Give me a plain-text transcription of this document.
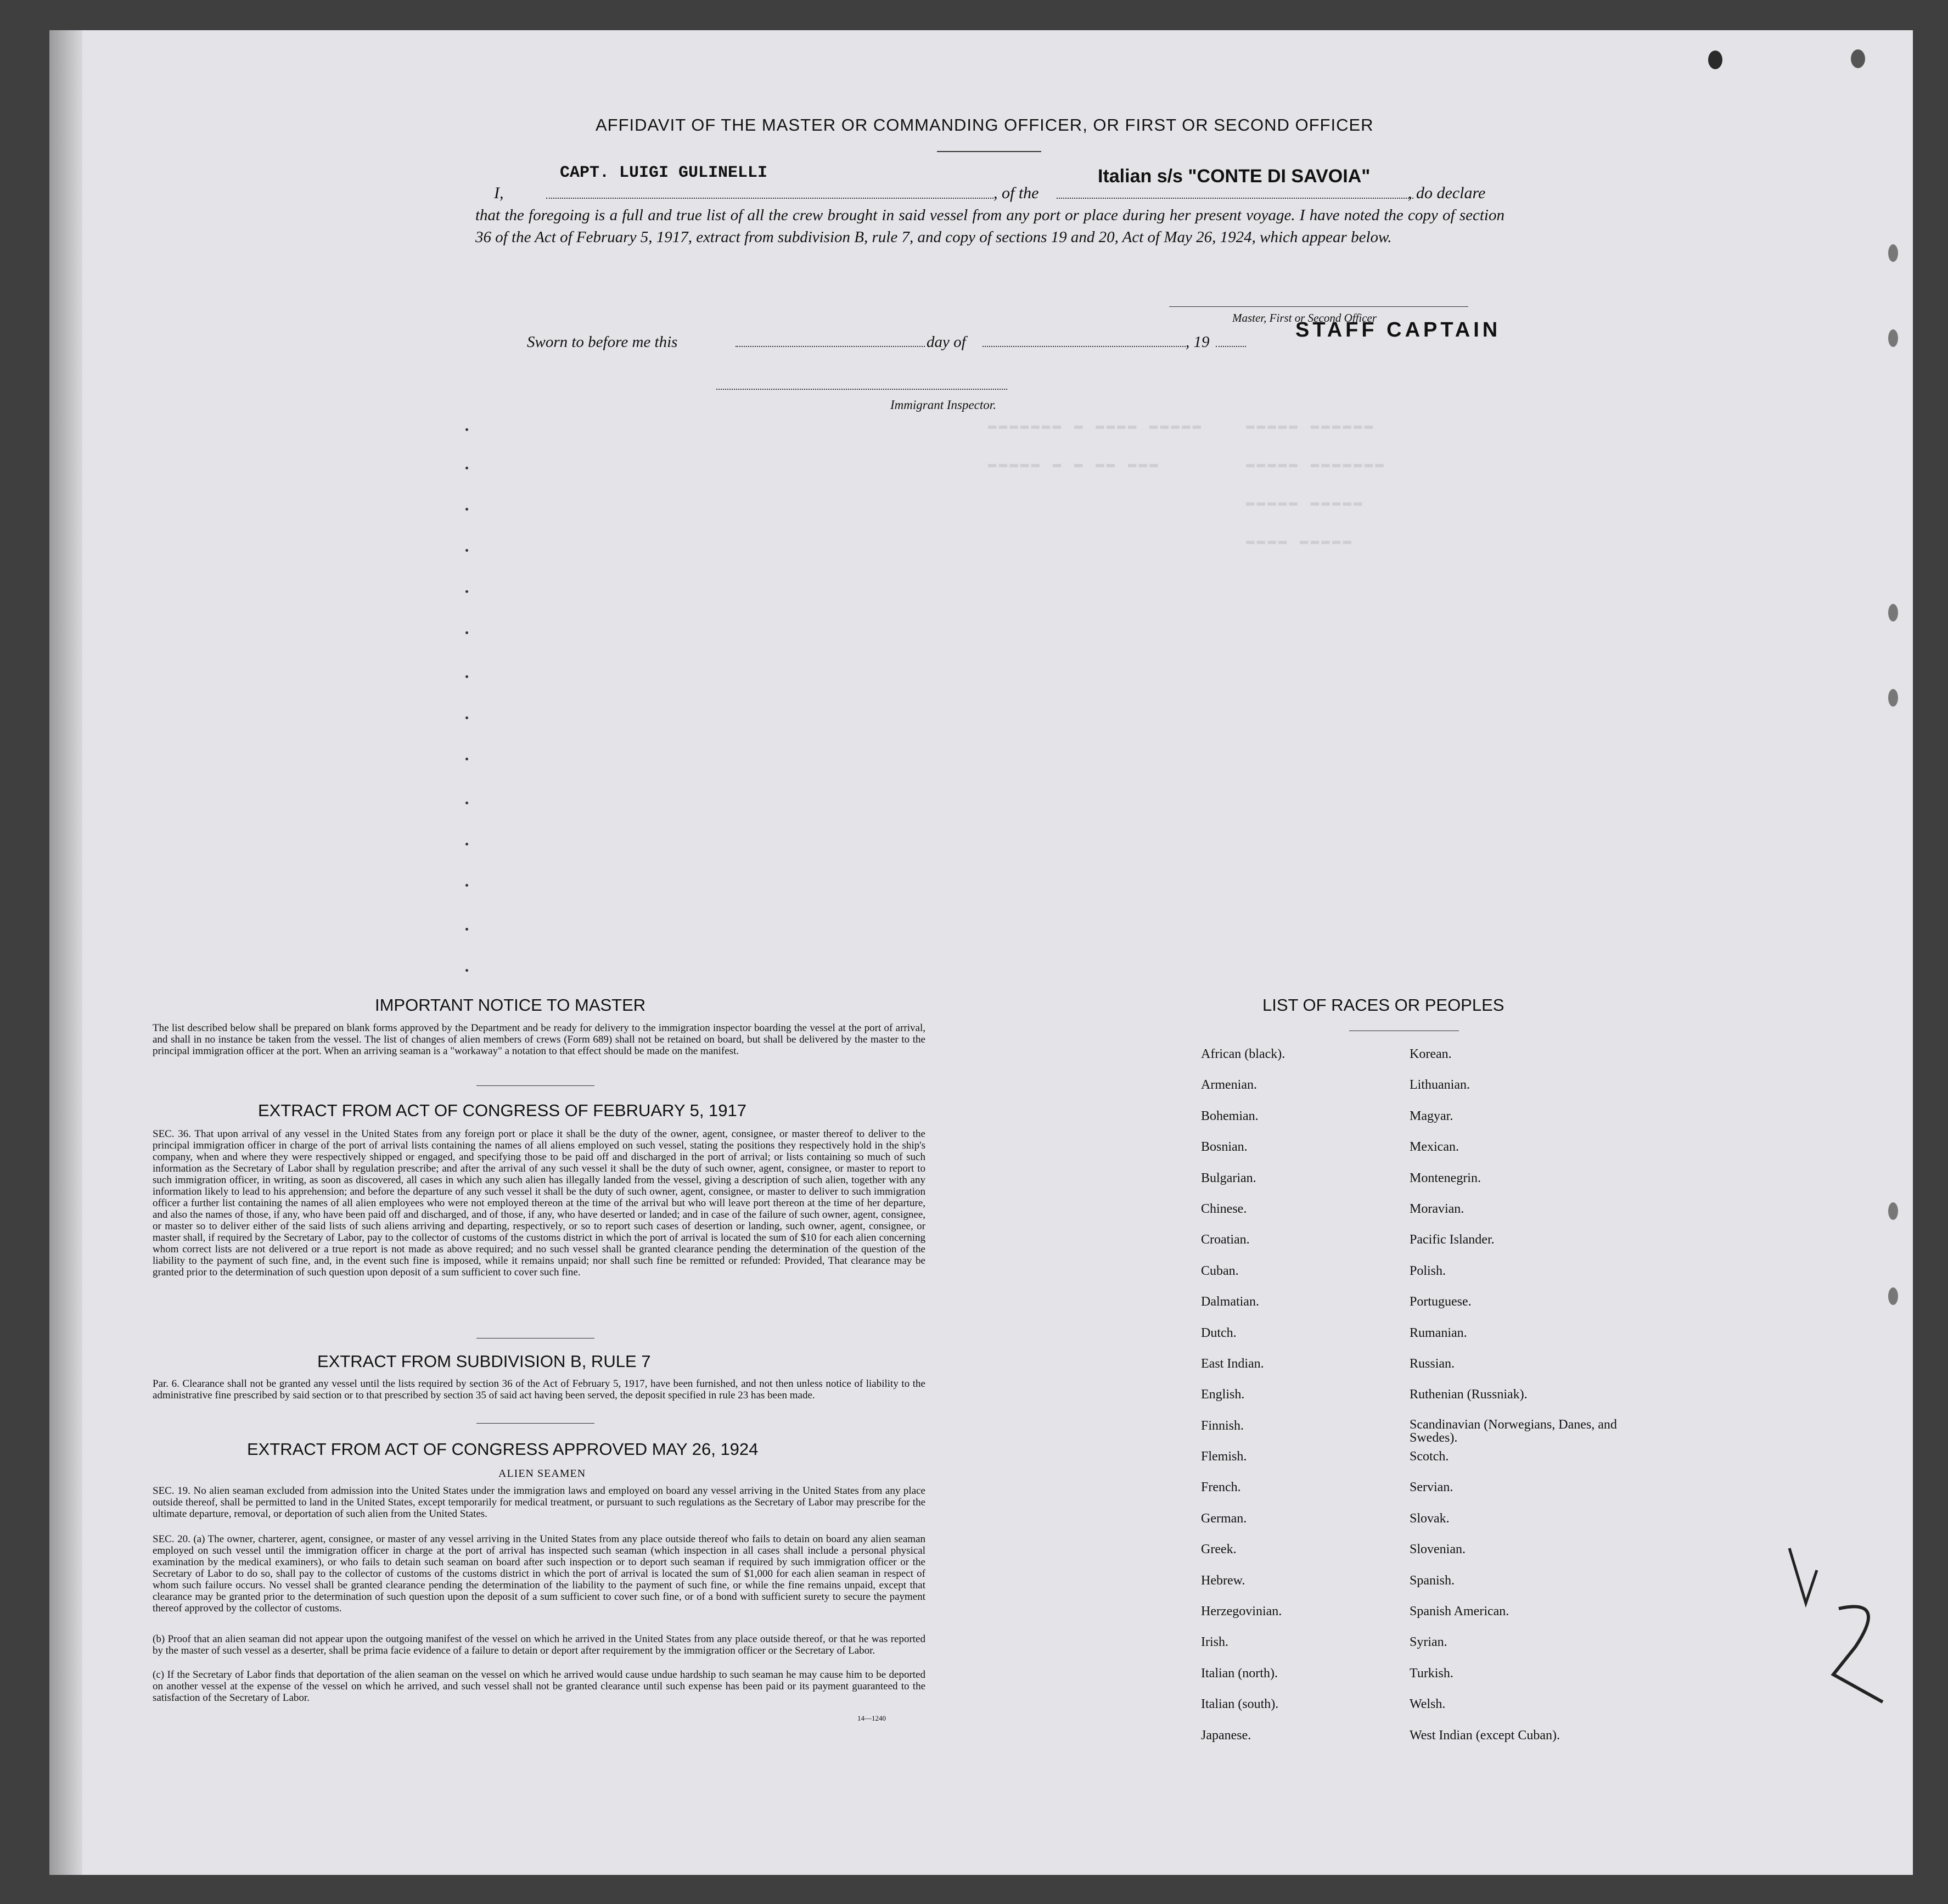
▬▬▬▬▬ ▬▬▬▬▬▬
▬▬▬▬▬ ▬▬▬▬▬▬▬
▬▬▬▬▬ ▬▬▬▬▬
▬▬▬▬ ▬▬▬▬▬
▬▬▬▬▬▬▬ ▬ ▬▬▬▬ ▬▬▬▬▬
▬▬▬▬▬ ▬ ▬ ▬▬ ▬▬▬
AFFIDAVIT OF THE MASTER OR COMMANDING OFFICER, OR FIRST OR SECOND OFFICER
I,
CAPT. LUIGI GULINELLI
, of the
Italian s/s "CONTE DI SAVOIA"
, do declare
that the foregoing is a full and true list of all the crew brought in said vessel from any port or place during her present voyage. I have noted the copy of section 36 of the Act of February 5, 1917, extract from subdivision B, rule 7, and copy of sections 19 and 20, Act of May 26, 1924, which appear below.
Master, First or Second Officer
STAFF CAPTAIN
Sworn to before me this	day of	, 19
Immigrant Inspector.
IMPORTANT NOTICE TO MASTER
The list described below shall be prepared on blank forms approved by the Department and be ready for delivery to the immigration inspector boarding the vessel at the port of arrival, and shall in no instance be taken from the vessel. The list of changes of alien members of crews (Form 689) shall not be retained on board, but shall be delivered by the master to the principal immigration officer at the port. When an arriving seaman is a "workaway" a notation to that effect should be made on the manifest.
EXTRACT FROM ACT OF CONGRESS OF FEBRUARY 5, 1917
SEC. 36. That upon arrival of any vessel in the United States from any foreign port or place it shall be the duty of the owner, agent, consignee, or master thereof to deliver to the principal immigration officer in charge of the port of arrival lists containing the names of all aliens employed on such vessel, stating the positions they respectively hold in the ship's company, when and where they were respectively shipped or engaged, and specifying those to be paid off and discharged in the port of arrival; or lists containing so much of such information as the Secretary of Labor shall by regulation prescribe; and after the arrival of any such vessel it shall be the duty of such owner, agent, consignee, or master to report to such immigration officer, in writing, as soon as discovered, all cases in which any such alien has illegally landed from the vessel, giving a description of such alien, together with any information likely to lead to his apprehension; and before the departure of any such vessel it shall be the duty of such owner, agent, consignee, or master to deliver to such immigration officer a further list containing the names of all alien employees who were not employed thereon at the time of the arrival but who will leave port thereon at the time of her departure, and also the names of those, if any, who have been paid off and discharged, and of those, if any, who have deserted or landed; and in case of the failure of such owner, agent, consignee, or master so to deliver either of the said lists of such aliens arriving and departing, respectively, or so to report such cases of desertion or landing, such owner, agent, consignee, or master shall, if required by the Secretary of Labor, pay to the collector of customs of the customs district in which the port of arrival is located the sum of $10 for each alien concerning whom correct lists are not delivered or a true report is not made as above required; and no such vessel shall be granted clearance pending the determination of the question of the liability to the payment of such fine, and, in the event such fine is imposed, while it remains unpaid; nor shall such fine be remitted or refunded: Provided, That clearance may be granted prior to the determination of such question upon deposit of a sum sufficient to cover such fine.
EXTRACT FROM SUBDIVISION B, RULE 7
Par. 6. Clearance shall not be granted any vessel until the lists required by section 36 of the Act of February 5, 1917, have been furnished, and not then unless notice of liability to the administrative fine prescribed by said section or to that prescribed by section 35 of said act having been served, the deposit specified in rule 23 has been made.
EXTRACT FROM ACT OF CONGRESS APPROVED MAY 26, 1924
ALIEN SEAMEN
SEC. 19. No alien seaman excluded from admission into the United States under the immigration laws and employed on board any vessel arriving in the United States from any place outside thereof, shall be permitted to land in the United States, except temporarily for medical treatment, or pursuant to such regulations as the Secretary of Labor may prescribe for the ultimate departure, removal, or deportation of such alien from the United States.
SEC. 20. (a) The owner, charterer, agent, consignee, or master of any vessel arriving in the United States from any place outside thereof who fails to detain on board any alien seaman employed on such vessel until the immigration officer in charge at the port of arrival has inspected such seaman (which inspection in all cases shall include a personal physical examination by the medical examiners), or who fails to detain such seaman on board after such inspection or to deport such seaman if required by such immigration officer or the Secretary of Labor to do so, shall pay to the collector of customs of the customs district in which the port of arrival is located the sum of $1,000 for each alien seaman in respect of whom such failure occurs. No vessel shall be granted clearance pending the determination of the liability to the payment of such fine, or while the fine remains unpaid, except that clearance may be granted prior to the determination of such question upon the deposit of a sum sufficient to cover such fine, or of a bond with sufficient surety to secure the payment thereof approved by the collector of customs.
(b) Proof that an alien seaman did not appear upon the outgoing manifest of the vessel on which he arrived in the United States from any place outside thereof, or that he was reported by the master of such vessel as a deserter, shall be prima facie evidence of a failure to detain or deport after requirement by the immigration officer or the Secretary of Labor.
(c) If the Secretary of Labor finds that deportation of the alien seaman on the vessel on which he arrived would cause undue hardship to such seaman he may cause him to be deported on another vessel at the expense of the vessel on which he arrived, and such vessel shall not be granted clearance until such expense has been paid or its payment guaranteed to the satisfaction of the Secretary of Labor.
14—1240
LIST OF RACES OR PEOPLES
African (black).
Armenian.
Bohemian.
Bosnian.
Bulgarian.
Chinese.
Croatian.
Cuban.
Dalmatian.
Dutch.
East Indian.
English.
Finnish.
Flemish.
French.
German.
Greek.
Hebrew.
Herzegovinian.
Irish.
Italian (north).
Italian (south).
Japanese.
Korean.
Lithuanian.
Magyar.
Mexican.
Montenegrin.
Moravian.
Pacific Islander.
Polish.
Portuguese.
Rumanian.
Russian.
Ruthenian (Russniak).
Scandinavian (Norwegians, Danes, and Swedes).
Scotch.
Servian.
Slovak.
Slovenian.
Spanish.
Spanish American.
Syrian.
Turkish.
Welsh.
West Indian (except Cuban).
